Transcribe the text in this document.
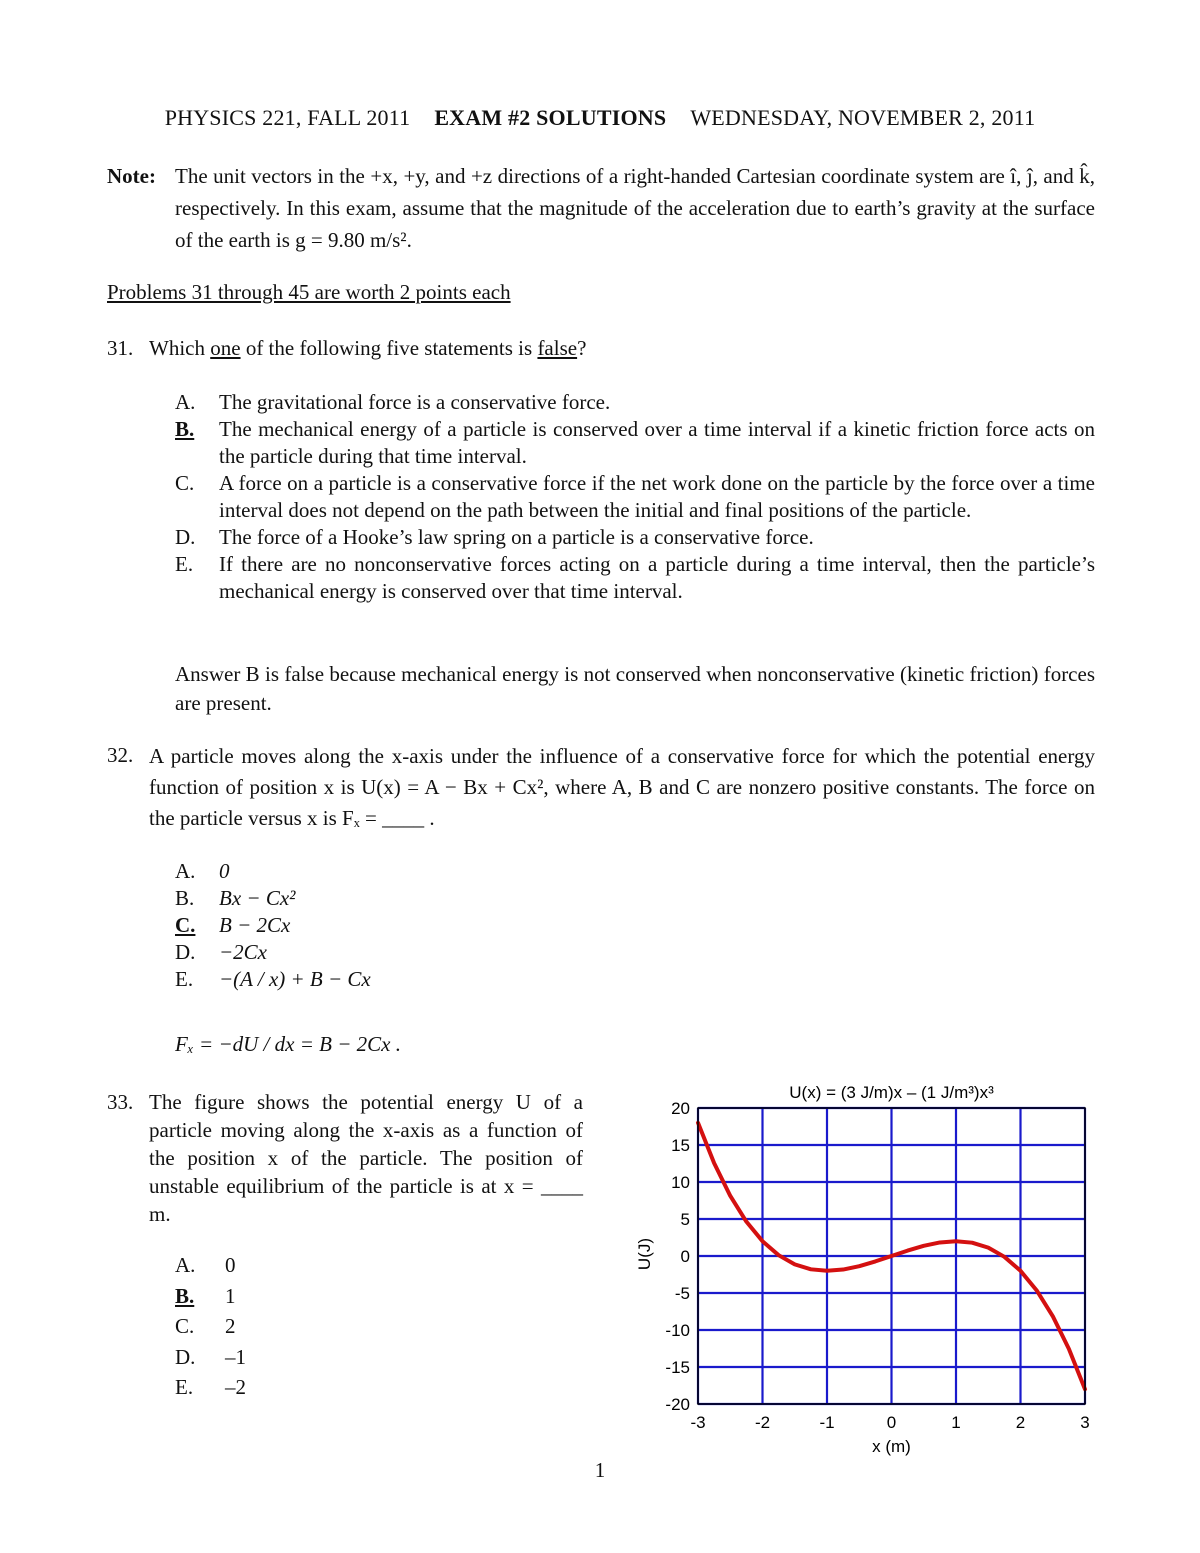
PHYSICS 221, FALL 2011 EXAM #2 SOLUTIONS WEDNESDAY, NOVEMBER 2, 2011
Note: The unit vectors in the +x, +y, and +z directions of a right-handed Cartesian coordinate system are î, ĵ, and k̂, respectively. In this exam, assume that the magnitude of the acceleration due to earth’s gravity at the surface of the earth is g = 9.80 m/s².
Problems 31 through 45 are worth 2 points each
31. Which one of the following five statements is false?
A. The gravitational force is a conservative force.
B. The mechanical energy of a particle is conserved over a time interval if a kinetic friction force acts on the particle during that time interval.
C. A force on a particle is a conservative force if the net work done on the particle by the force over a time interval does not depend on the path between the initial and final positions of the particle.
D. The force of a Hooke’s law spring on a particle is a conservative force.
E. If there are no nonconservative forces acting on a particle during a time interval, then the particle’s mechanical energy is conserved over that time interval.
Answer B is false because mechanical energy is not conserved when nonconservative (kinetic friction) forces are present.
32. A particle moves along the x-axis under the influence of a conservative force for which the potential energy function of position x is U(x) = A − Bx + Cx², where A, B and C are nonzero positive constants. The force on the particle versus x is Fₓ = ____ .
A. 0
B. Bx − Cx²
C. B − 2Cx
D. −2Cx
E. −(A / x) + B − Cx
Fₓ = −dU / dx = B − 2Cx .
33. The figure shows the potential energy U of a particle moving along the x-axis as a function of the position x of the particle. The position of unstable equilibrium of the particle is at x = ____ m.
A. 0
B. 1
C. 2
D. –1
E. –2
-3	-2	-1	0	1	2	3
20
15
10
5
0
-5
-10
-15
-20
U(x) = (3 J/m)x – (1 J/m³)x³
x (m)
U(J)
1
